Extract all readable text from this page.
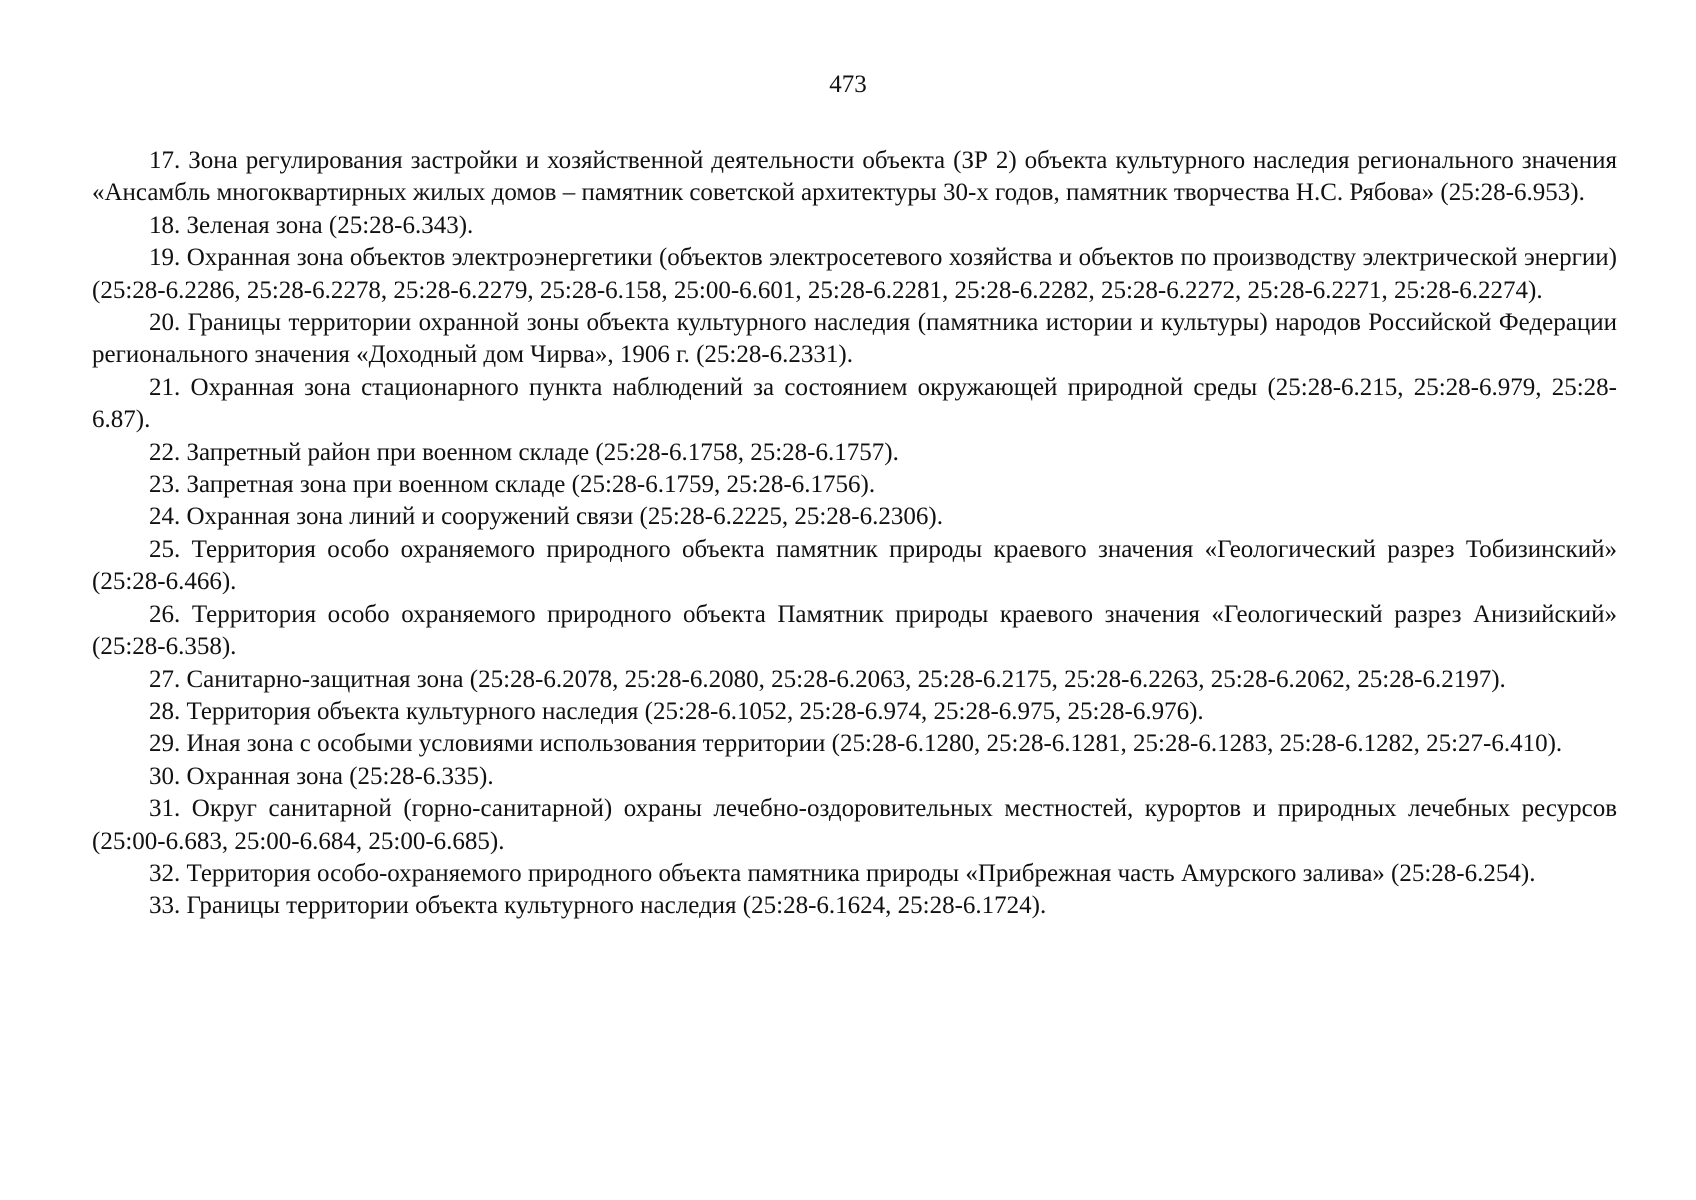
473

17. Зона регулирования застройки и хозяйственной деятельности объекта (ЗР 2) объекта культурного наследия регионального значения «Ансамбль многоквартирных жилых домов – памятник советской архитектуры 30-х годов, памятник творчества Н.С. Рябова» (25:28-6.953).

18. Зеленая зона (25:28-6.343).

19. Охранная зона объектов электроэнергетики (объектов электросетевого хозяйства и объектов по производству электрической энергии) (25:28-6.2286, 25:28-6.2278, 25:28-6.2279, 25:28-6.158, 25:00-6.601, 25:28-6.2281, 25:28-6.2282, 25:28-6.2272, 25:28-6.2271, 25:28-6.2274).

20. Границы территории охранной зоны объекта культурного наследия (памятника истории и культуры) народов Российской Федерации регионального значения «Доходный дом Чирва», 1906 г. (25:28-6.2331).

21. Охранная зона стационарного пункта наблюдений за состоянием окружающей природной среды (25:28-6.215, 25:28-6.979, 25:28-6.87).

22. Запретный район при военном складе (25:28-6.1758, 25:28-6.1757).

23. Запретная зона при военном складе (25:28-6.1759, 25:28-6.1756).

24. Охранная зона линий и сооружений связи (25:28-6.2225, 25:28-6.2306).

25. Территория особо охраняемого природного объекта памятник природы краевого значения «Геологический разрез Тобизинский» (25:28-6.466).

26. Территория особо охраняемого природного объекта Памятник природы краевого значения «Геологический разрез Анизийский» (25:28-6.358).

27. Санитарно-защитная зона (25:28-6.2078, 25:28-6.2080, 25:28-6.2063, 25:28-6.2175, 25:28-6.2263, 25:28-6.2062, 25:28-6.2197).

28. Территория объекта культурного наследия (25:28-6.1052, 25:28-6.974, 25:28-6.975, 25:28-6.976).

29. Иная зона с особыми условиями использования территории (25:28-6.1280, 25:28-6.1281, 25:28-6.1283, 25:28-6.1282, 25:27-6.410).

30. Охранная зона (25:28-6.335).

31. Округ санитарной (горно-санитарной) охраны лечебно-оздоровительных местностей, курортов и природных лечебных ресурсов (25:00-6.683, 25:00-6.684, 25:00-6.685).

32. Территория особо-охраняемого природного объекта памятника природы «Прибрежная часть Амурского залива» (25:28-6.254).

33. Границы территории объекта культурного наследия (25:28-6.1624, 25:28-6.1724).
